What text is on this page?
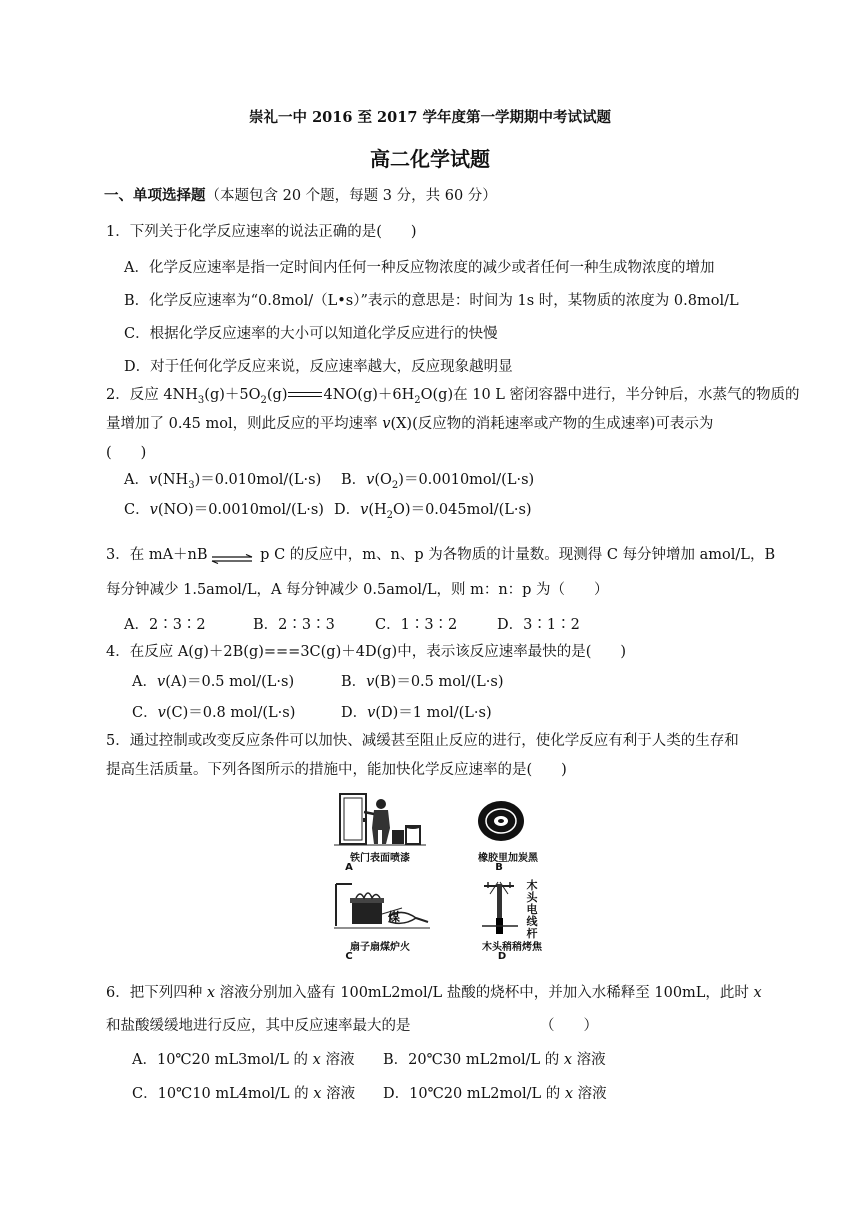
崇礼一中 2016 至 2017 学年度第一学期期中考试试题
高二化学试题
一、单项选择题（本题包含 20 个题，每题 3 分，共 60 分）
1．下列关于化学反应速率的说法正确的是(　　)
A．化学反应速率是指一定时间内任何一种反应物浓度的减少或者任何一种生成物浓度的增加
B．化学反应速率为“0.8mol/（L•s）”表示的意思是：时间为 1s 时，某物质的浓度为 0.8mol/L
C．根据化学反应速率的大小可以知道化学反应进行的快慢
D．对于任何化学反应来说，反应速率越大，反应现象越明显
2．反应 $4NH_3(g)+5O_2(g)$ $4NO(g)+6H_2O(g)$在 10 L 密闭容器中进行，半分钟后，水蒸气的物质的
量增加了 0.45 mol，则此反应的平均速率 v(X)(反应物的消耗速率或产物的生成速率)可表示为
(　　)
A．$v(NH_3)=0.010mol/(L\cdot s)$ B．$v(O_2)=0.0010mol/(L\cdot s)$
C．v(NO)＝0.0010mol/(L·s) D．$v(H_2O)=0.045mol/(L\cdot s)$
3．在 mA＋nB ⇌ p C 的反应中，m、n、p 为各物质的计量数。现测得 C 每分钟增加 amol/L，B
每分钟减少 1.5amol/L，A 每分钟减少 0.5amol/L，则 m：n：p 为（　　）
A．2∶3∶2	B．2∶3∶3	C．1∶3∶2	D．3∶1∶2
4．在反应 A(g)＋2B(g)===3C(g)＋4D(g)中，表示该反应速率最快的是(　　)
A．v(A)＝0.5 mol/(L·s)	B．v(B)＝0.5 mol/(L·s)
C．v(C)＝0.8 mol/(L·s)	D．v(D)＝1 mol/(L·s)
5．通过控制或改变反应条件可以加快、减缓甚至阻止反应的进行，使化学反应有利于人类的生存和
提高生活质量。下列各图所示的措施中，能加快化学反应速率的是(　　)
铁门表面喷漆
A
橡胶里加炭黑
B
煤
扇子扇煤炉火
C
木头电线杆
木头稍稍烤焦
D
6．把下列四种 x 溶液分别加入盛有 100mL2mol/L 盐酸的烧杯中，并加入水稀释至 100mL，此时 x
和盐酸缓缓地进行反应，其中反应速率最大的是	（　　）
A．10℃20 mL3mol/L 的 x 溶液 B．20℃30 mL2mol/L 的 x 溶液
C．10℃10 mL4mol/L 的 x 溶液 D．10℃20 mL2mol/L 的 x 溶液
